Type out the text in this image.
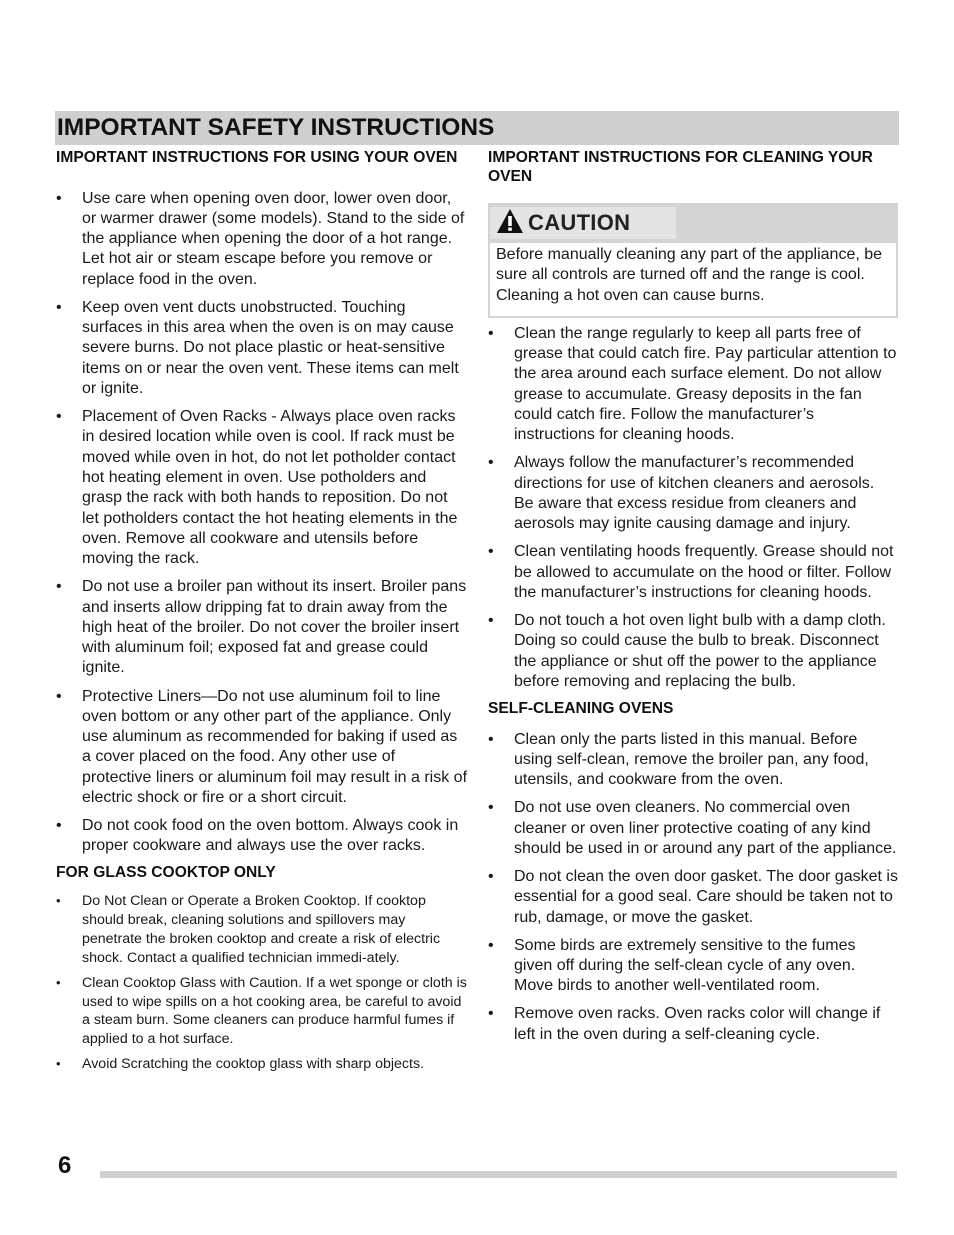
IMPORTANT SAFETY INSTRUCTIONS
IMPORTANT INSTRUCTIONS FOR USING YOUR OVEN
• Use care when opening oven door, lower oven door, or warmer drawer (some models). Stand to the side of the appliance when opening the door of a hot range. Let hot air or steam escape before you remove or replace food in the oven.
• Keep oven vent ducts unobstructed. Touching surfaces in this area when the oven is on may cause severe burns. Do not place plastic or heat-sensitive items on or near the oven vent. These items can melt or ignite.
• Placement of Oven Racks - Always place oven racks in desired location while oven is cool. If rack must be moved while oven in hot, do not let potholder contact hot heating element in oven. Use potholders and grasp the rack with both hands to reposition. Do not let potholders contact the hot heating elements in the oven. Remove all cookware and utensils before moving the rack.
• Do not use a broiler pan without its insert. Broiler pans and inserts allow dripping fat to drain away from the high heat of the broiler. Do not cover the broiler insert with aluminum foil; exposed fat and grease could ignite.
• Protective Liners—Do not use aluminum foil to line oven bottom or any other part of the appliance. Only use aluminum as recommended for baking if used as a cover placed on the food. Any other use of protective liners or aluminum foil may result in a risk of electric shock or fire or a short circuit.
• Do not cook food on the oven bottom. Always cook in proper cookware and always use the over racks.
FOR GLASS COOKTOP ONLY
• Do Not Clean or Operate a Broken Cooktop. If cooktop should break, cleaning solutions and spillovers may penetrate the broken cooktop and create a risk of electric shock. Contact a qualified technician immedi-ately.
• Clean Cooktop Glass with Caution. If a wet sponge or cloth is used to wipe spills on a hot cooking area, be careful to avoid a steam burn. Some cleaners can produce harmful fumes if applied to a hot surface.
• Avoid Scratching the cooktop glass with sharp objects.
IMPORTANT INSTRUCTIONS FOR CLEANING YOUR OVEN
CAUTION
Before manually cleaning any part of the appliance, be sure all controls are turned off and the range is cool. Cleaning a hot oven can cause burns.
• Clean the range regularly to keep all parts free of grease that could catch fire. Pay particular attention to the area around each surface element. Do not allow grease to accumulate. Greasy deposits in the fan could catch fire. Follow the manufacturer’s instructions for cleaning hoods.
• Always follow the manufacturer’s recommended directions for use of kitchen cleaners and aerosols. Be aware that excess residue from cleaners and aerosols may ignite causing damage and injury.
• Clean ventilating hoods frequently. Grease should not be allowed to accumulate on the hood or filter. Follow the manufacturer’s instructions for cleaning hoods.
• Do not touch a hot oven light bulb with a damp cloth. Doing so could cause the bulb to break. Disconnect the appliance or shut off the power to the appliance before removing and replacing the bulb.
SELF-CLEANING OVENS
• Clean only the parts listed in this manual. Before using self-clean, remove the broiler pan, any food, utensils, and cookware from the oven.
• Do not use oven cleaners. No commercial oven cleaner or oven liner protective coating of any kind should be used in or around any part of the appliance.
• Do not clean the oven door gasket. The door gasket is essential for a good seal. Care should be taken not to rub, damage, or move the gasket.
• Some birds are extremely sensitive to the fumes given off during the self-clean cycle of any oven. Move birds to another well-ventilated room.
• Remove oven racks. Oven racks color will change if left in the oven during a self-cleaning cycle.
6
